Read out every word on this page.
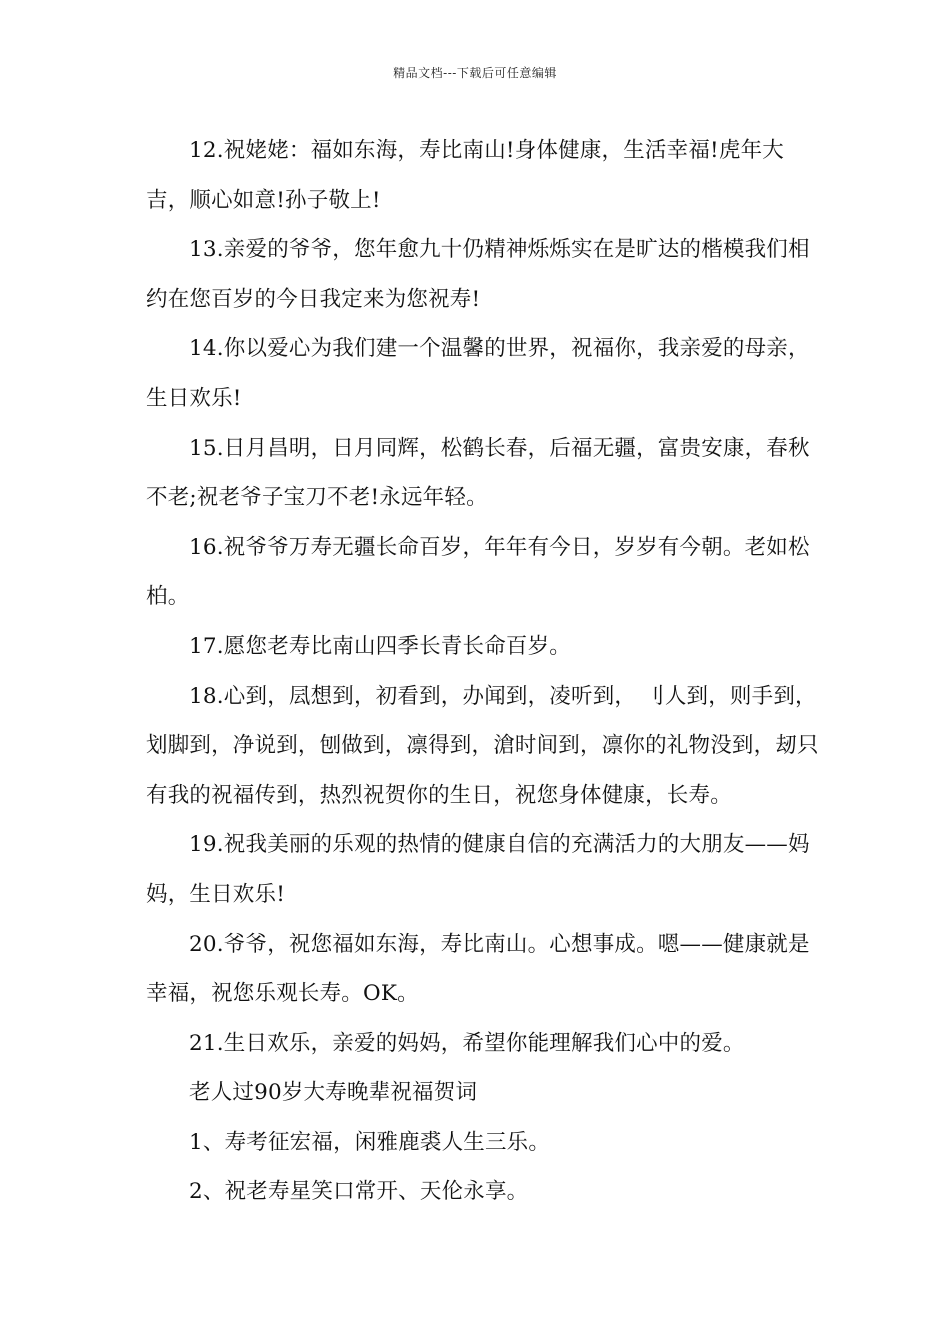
精品文档---下载后可任意编辑

12.祝姥姥：福如东海，寿比南山!身体健康，生活幸福!虎年大吉，顺心如意!孙子敬上!

13.亲爱的爷爷，您年愈九十仍精神烁烁实在是旷达的楷模我们相约在您百岁的今日我定来为您祝寿!

14.你以爱心为我们建一个温馨的世界，祝福你，我亲爱的母亲，生日欢乐!

15.日月昌明，日月同辉，松鹤长春，后福无疆，富贵安康，春秋不老;祝老爷子宝刀不老!永远年轻。

16.祝爷爷万寿无疆长命百岁，年年有今日，岁岁有今朝。老如松柏。

17.愿您老寿比南山四季长青长命百岁。

18.心到，凨想到，初看到，办闻到，凌听到， 刂人到，则手到，划脚到，净说到，刨做到，凛得到，滄时间到，凛你的礼物没到，刼只有我的祝福传到，热烈祝贺你的生日，祝您身体健康，长寿。

19.祝我美丽的乐观的热情的健康自信的充满活力的大朋友——妈妈，生日欢乐!

20.爷爷，祝您福如东海，寿比南山。心想事成。嗯——健康就是幸福，祝您乐观长寿。OK。

21.生日欢乐，亲爱的妈妈，希望你能理解我们心中的爱。

老人过90岁大寿晚辈祝福贺词

1、寿考征宏福，闲雅鹿裘人生三乐。

2、祝老寿星笑口常开、天伦永享。
